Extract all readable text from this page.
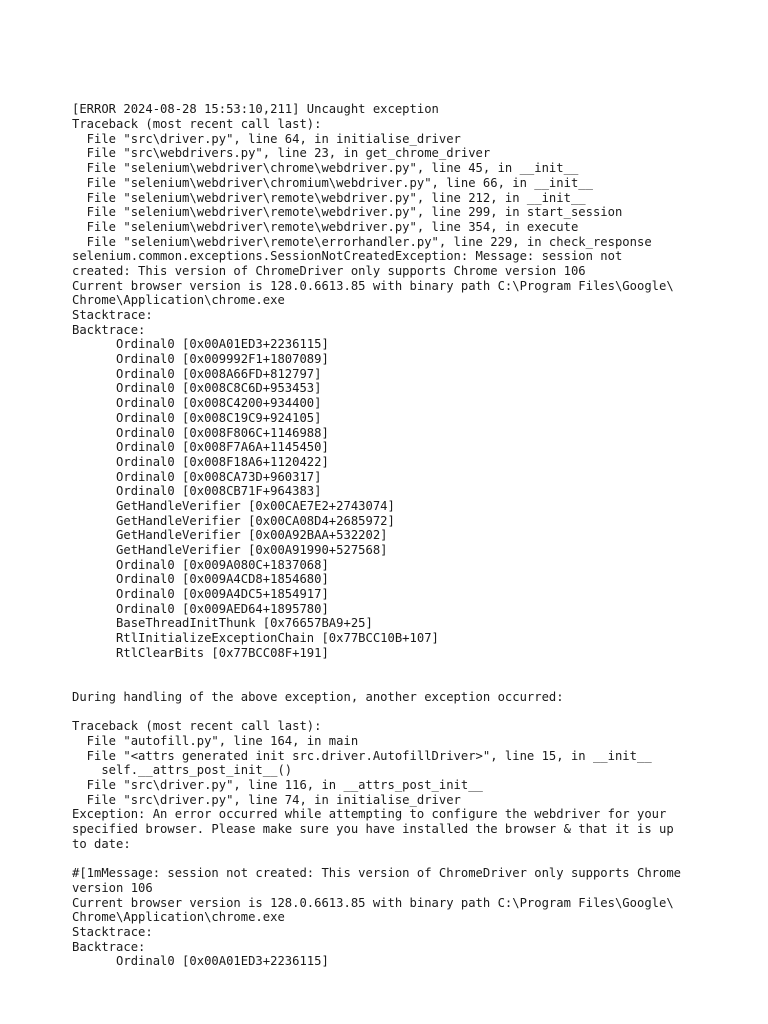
[ERROR 2024-08-28 15:53:10,211] Uncaught exception
Traceback (most recent call last):
File "src\driver.py", line 64, in initialise_driver
File "src\webdrivers.py", line 23, in get_chrome_driver
File "selenium\webdriver\chrome\webdriver.py", line 45, in __init__
File "selenium\webdriver\chromium\webdriver.py", line 66, in __init__
File "selenium\webdriver\remote\webdriver.py", line 212, in __init__
File "selenium\webdriver\remote\webdriver.py", line 299, in start_session
File "selenium\webdriver\remote\webdriver.py", line 354, in execute
File "selenium\webdriver\remote\errorhandler.py", line 229, in check_response
selenium.common.exceptions.SessionNotCreatedException: Message: session not
created: This version of ChromeDriver only supports Chrome version 106
Current browser version is 128.0.6613.85 with binary path C:\Program Files\Google\
Chrome\Application\chrome.exe
Stacktrace:
Backtrace:
Ordinal0 [0x00A01ED3+2236115]
Ordinal0 [0x009992F1+1807089]
Ordinal0 [0x008A66FD+812797]
Ordinal0 [0x008C8C6D+953453]
Ordinal0 [0x008C4200+934400]
Ordinal0 [0x008C19C9+924105]
Ordinal0 [0x008F806C+1146988]
Ordinal0 [0x008F7A6A+1145450]
Ordinal0 [0x008F18A6+1120422]
Ordinal0 [0x008CA73D+960317]
Ordinal0 [0x008CB71F+964383]
GetHandleVerifier [0x00CAE7E2+2743074]
GetHandleVerifier [0x00CA08D4+2685972]
GetHandleVerifier [0x00A92BAA+532202]
GetHandleVerifier [0x00A91990+527568]
Ordinal0 [0x009A080C+1837068]
Ordinal0 [0x009A4CD8+1854680]
Ordinal0 [0x009A4DC5+1854917]
Ordinal0 [0x009AED64+1895780]
BaseThreadInitThunk [0x76657BA9+25]
RtlInitializeExceptionChain [0x77BCC10B+107]
RtlClearBits [0x77BCC08F+191]
During handling of the above exception, another exception occurred:
Traceback (most recent call last):
File "autofill.py", line 164, in main
File "<attrs generated init src.driver.AutofillDriver>", line 15, in __init__
self.__attrs_post_init__()
File "src\driver.py", line 116, in __attrs_post_init__
File "src\driver.py", line 74, in initialise_driver
Exception: An error occurred while attempting to configure the webdriver for your
specified browser. Please make sure you have installed the browser & that it is up
to date:
#[1mMessage: session not created: This version of ChromeDriver only supports Chrome
version 106
Current browser version is 128.0.6613.85 with binary path C:\Program Files\Google\
Chrome\Application\chrome.exe
Stacktrace:
Backtrace:
Ordinal0 [0x00A01ED3+2236115]
